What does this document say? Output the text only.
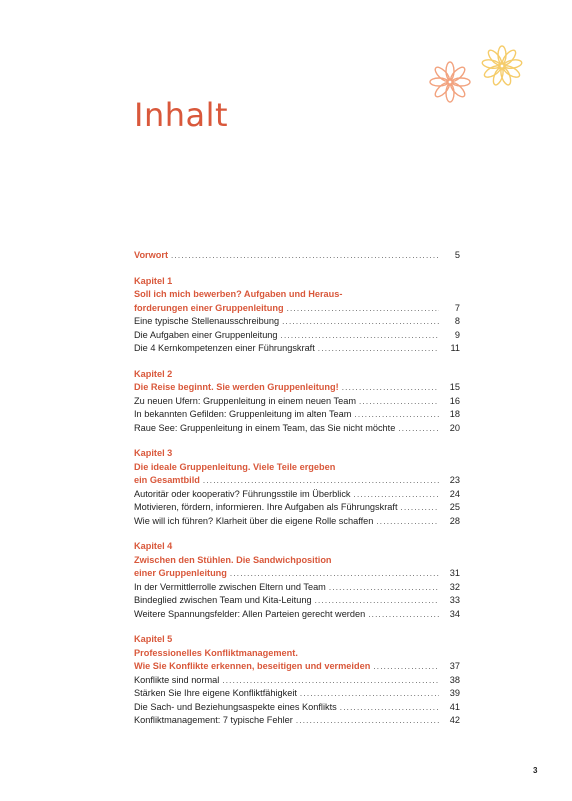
Inhalt
Vorwort . . .	5
Kapitel 1
Soll ich mich bewerben? Aufgaben und Heraus-
forderungen einer Gruppenleitung . . .	7
Eine typische Stellenausschreibung . . .	8
Die Aufgaben einer Gruppenleitung . . .	9
Die 4 Kernkompetenzen einer Führungskraft . . .	11
Kapitel 2
Die Reise beginnt. Sie werden Gruppenleitung! . . .	15
Zu neuen Ufern: Gruppenleitung in einem neuen Team . . .	16
In bekannten Gefilden: Gruppenleitung im alten Team . . .	18
Raue See: Gruppenleitung in einem Team, das Sie nicht möchte . . .	20
Kapitel 3
Die ideale Gruppenleitung. Viele Teile ergeben
ein Gesamtbild . . .	23
Autoritär oder kooperativ? Führungsstile im Überblick . . .	24
Motivieren, fördern, informieren. Ihre Aufgaben als Führungskraft . . .	25
Wie will ich führen? Klarheit über die eigene Rolle schaffen . . .	28
Kapitel 4
Zwischen den Stühlen. Die Sandwichposition
einer Gruppenleitung . . .	31
In der Vermittlerrolle zwischen Eltern und Team . . .	32
Bindeglied zwischen Team und Kita-Leitung . . .	33
Weitere Spannungsfelder: Allen Parteien gerecht werden . . .	34
Kapitel 5
Professionelles Konfliktmanagement.
Wie Sie Konflikte erkennen, beseitigen und vermeiden . . .	37
Konflikte sind normal . . .	38
Stärken Sie Ihre eigene Konfliktfähigkeit . . .	39
Die Sach- und Beziehungsaspekte eines Konflikts . . .	41
Konfliktmanagement: 7 typische Fehler . . .	42
3
